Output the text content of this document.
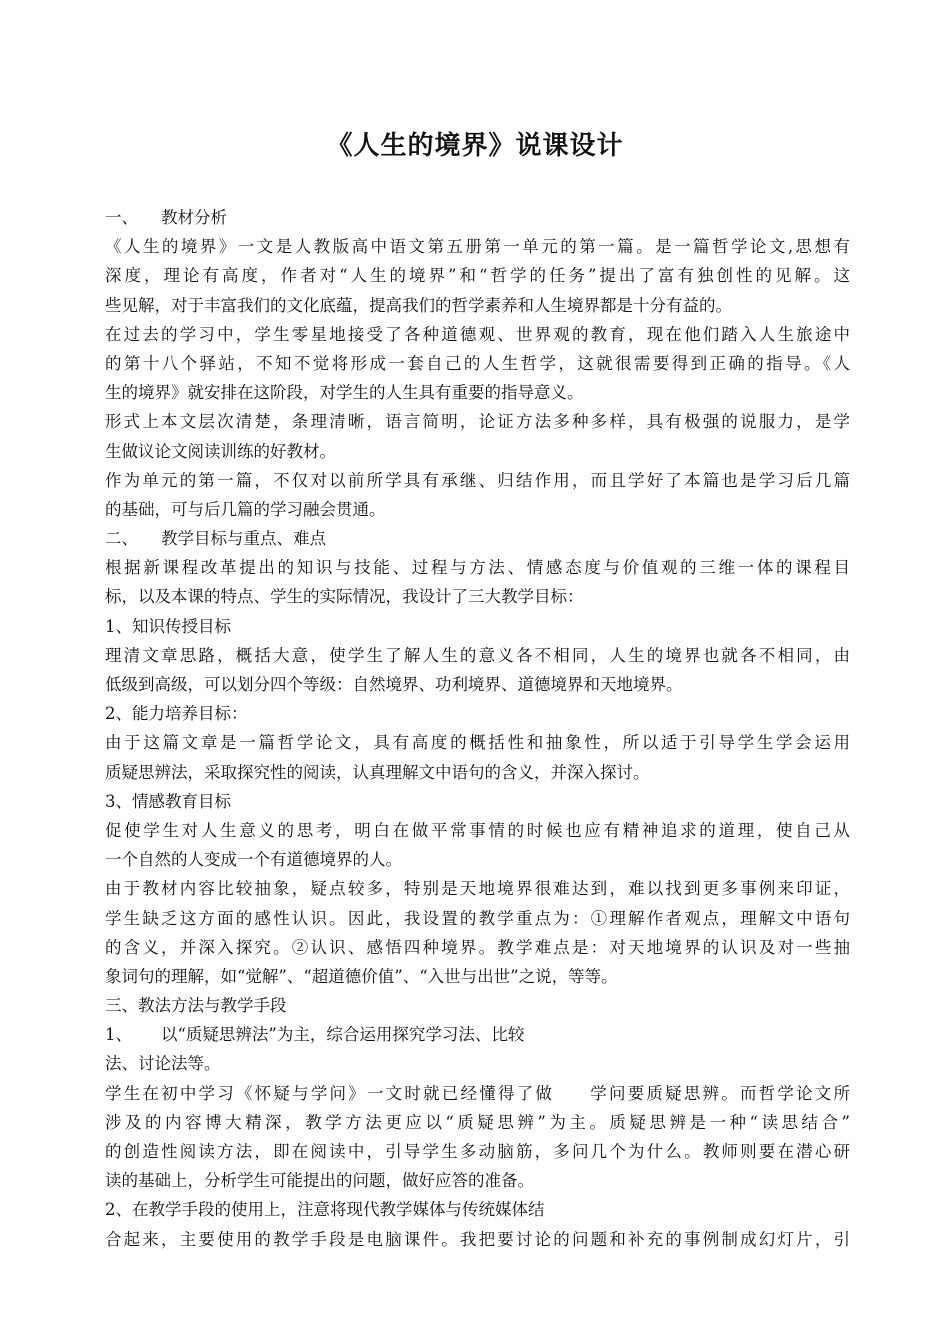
《人生的境界》说课设计
一、 教材分析
《人生的境界》一文是人教版高中语文第五册第一单元的第一篇。是一篇哲学论文,思想有
深度，理论有高度，作者对“人生的境界”和“哲学的任务”提出了富有独创性的见解。这
些见解，对于丰富我们的文化底蕴，提高我们的哲学素养和人生境界都是十分有益的。
在过去的学习中，学生零星地接受了各种道德观、世界观的教育，现在他们踏入人生旅途中
的第十八个驿站，不知不觉将形成一套自己的人生哲学，这就很需要得到正确的指导。《人
生的境界》就安排在这阶段，对学生的人生具有重要的指导意义。
形式上本文层次清楚，条理清晰，语言简明，论证方法多种多样，具有极强的说服力，是学
生做议论文阅读训练的好教材。
作为单元的第一篇，不仅对以前所学具有承继、归结作用，而且学好了本篇也是学习后几篇
的基础，可与后几篇的学习融会贯通。
二、 教学目标与重点、难点
根据新课程改革提出的知识与技能、过程与方法、情感态度与价值观的三维一体的课程目
标，以及本课的特点、学生的实际情况，我设计了三大教学目标：
1、知识传授目标
理清文章思路，概括大意，使学生了解人生的意义各不相同，人生的境界也就各不相同，由
低级到高级，可以划分四个等级：自然境界、功利境界、道德境界和天地境界。
2、能力培养目标：
由于这篇文章是一篇哲学论文，具有高度的概括性和抽象性，所以适于引导学生学会运用
质疑思辨法，采取探究性的阅读，认真理解文中语句的含义，并深入探讨。
3、情感教育目标
促使学生对人生意义的思考，明白在做平常事情的时候也应有精神追求的道理，使自己从
一个自然的人变成一个有道德境界的人。
由于教材内容比较抽象，疑点较多，特别是天地境界很难达到，难以找到更多事例来印证，
学生缺乏这方面的感性认识。因此，我设置的教学重点为：①理解作者观点，理解文中语句
的含义，并深入探究。②认识、感悟四种境界。教学难点是：对天地境界的认识及对一些抽
象词句的理解，如“觉解”、“超道德价值”、“入世与出世”之说，等等。
三、教法方法与教学手段
1、 以“质疑思辨法”为主，综合运用探究学习法、比较
法、讨论法等。
学生在初中学习《怀疑与学问》一文时就已经懂得了做 学问要质疑思辨。而哲学论文所
涉及的内容博大精深，教学方法更应以“质疑思辨”为主。质疑思辨是一种“读思结合”
的创造性阅读方法，即在阅读中，引导学生多动脑筋，多问几个为什么。教师则要在潜心研
读的基础上，分析学生可能提出的问题，做好应答的准备。
2、在教学手段的使用上，注意将现代教学媒体与传统媒体结
合起来，主要使用的教学手段是电脑课件。我把要讨论的问题和补充的事例制成幻灯片，引
